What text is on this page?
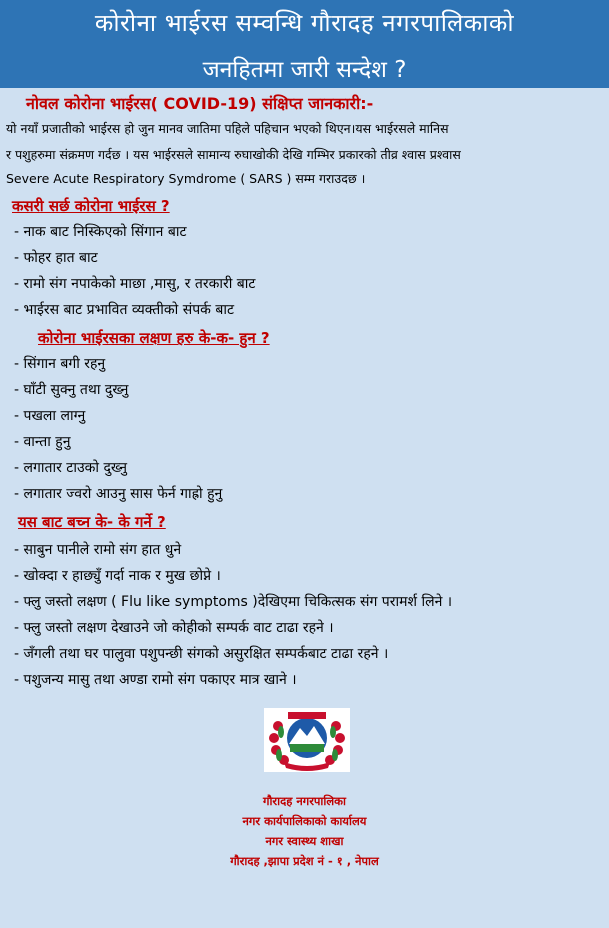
कोरोना भाईरस सम्वन्धि गौरादह नगरपालिकाको
जनहितमा जारी सन्देश ?
नोवल कोरोना भाईरस( COVID-19) संक्षिप्त जानकारी:-
यो नयाँ प्रजातीको भाईरस हो जुन मानव जातिमा पहिले पहिचान भएको थिएन।यस भाईरसले मानिस
र पशुहरुमा संक्रमण गर्दछ । यस भाईरसले सामान्य रुघाखोकी देखि गम्भिर प्रकारको तीव्र श्वास प्रश्वास
Severe Acute Respiratory Symdrome ( SARS ) सम्म गराउदछ ।
कसरी सर्छ कोरोना भाईरस ?
- नाक बाट निस्किएको सिंगान बाट
- फोहर हात बाट
- रामो संग नपाकेको माछा ,मासु, र तरकारी बाट
- भाईरस बाट प्रभावित व्यक्तीको संपर्क बाट
कोरोना भाईरसका लक्षण हरु के-क- हुन ?
- सिंगान बगी रहनु
- घाँटी सुक्नु तथा दुख्नु
- पखला लाग्नु
- वान्ता हुनु
- लगातार टाउको दुख्नु
- लगातार ज्वरो आउनु सास फेर्न गाह्रो हुनु
यस बाट बच्न के- के गर्ने ?
- साबुन पानीले रामो संग हात धुने
- खोक्दा र हाछ्युँ गर्दा नाक र मुख छोप्ने ।
- फ्लु जस्तो लक्षण ( Flu like symptoms )देखिएमा चिकित्सक संग परामर्श लिने ।
- फ्लु जस्तो लक्षण देखाउने जो कोहीको सम्पर्क वाट टाढा रहने ।
- जँगली तथा घर पालुवा पशुपन्छी संगको असुरक्षित सम्पर्कबाट टाढा रहने ।
- पशुजन्य मासु तथा अण्डा रामो संग पकाएर मात्र खाने ।
गौरादह नगरपालिका
नगर कार्यपालिकाको कार्यालय
नगर स्वास्थ्य शाखा
गौरादह ,झापा प्रदेश नं - १ , नेपाल
